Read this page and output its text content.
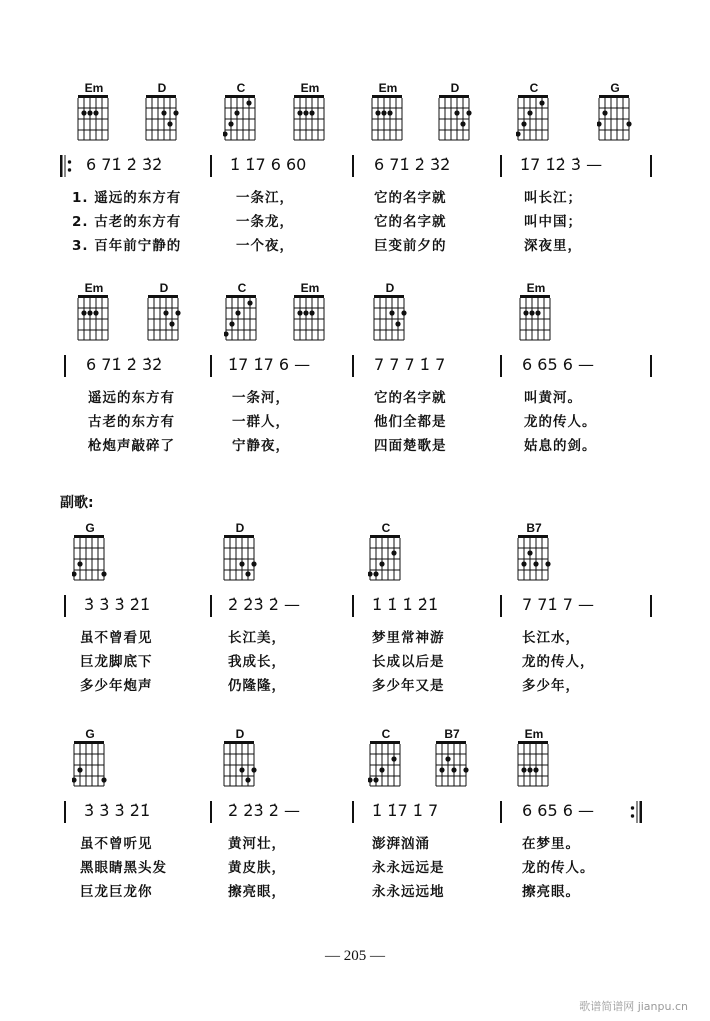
Em	D	C	Em	Em	D	C	G
6 71̇ 2̇ 3̇2̇	1̇ 1̇7 6 60	6 71̇ 2̇ 3̇2̇	1̇7 1̇2̇ 3̇ —
1. 遥远的东方有	一条江，	它的名字就	叫长江；
2. 古老的东方有	一条龙，	它的名字就	叫中国；
3. 百年前宁静的	一个夜，	巨变前夕的	深夜里，
Em	D	C	Em	D	Em
6 71̇ 2̇ 3̇2̇	1̇7 1̇7 6 —	7 7 7 1̇ 7	6 65 6 —
遥远的东方有	一条河，	它的名字就	叫黄河。
古老的东方有	一群人，	他们全都是	龙的传人。
枪炮声敲碎了	宁静夜，	四面楚歌是	姑息的剑。
副歌:
G	D	C	B7
3̇ 3̇ 3̇ 2̇1̇	2̇ 2̇3̇ 2̇ —	1̇ 1̇ 1̇ 2̇1̇	7 71̇ 7 —
虽不曾看见	长江美，	梦里常神游	长江水，
巨龙脚底下	我成长，	长成以后是	龙的传人，
多少年炮声	仍隆隆，	多少年又是	多少年，
G	D	C	B7	Em
3̇ 3̇ 3̇ 2̇1̇	2̇ 2̇3̇ 2̇ —	1̇ 1̇7 1̇ 7	6 65 6 —
虽不曾听见	黄河壮，	澎湃汹涌	在梦里。
黑眼睛黑头发	黄皮肤，	永永远远是	龙的传人。
巨龙巨龙你	擦亮眼，	永永远远地	擦亮眼。
— 205 —
歌谱简谱网 jianpu.cn
